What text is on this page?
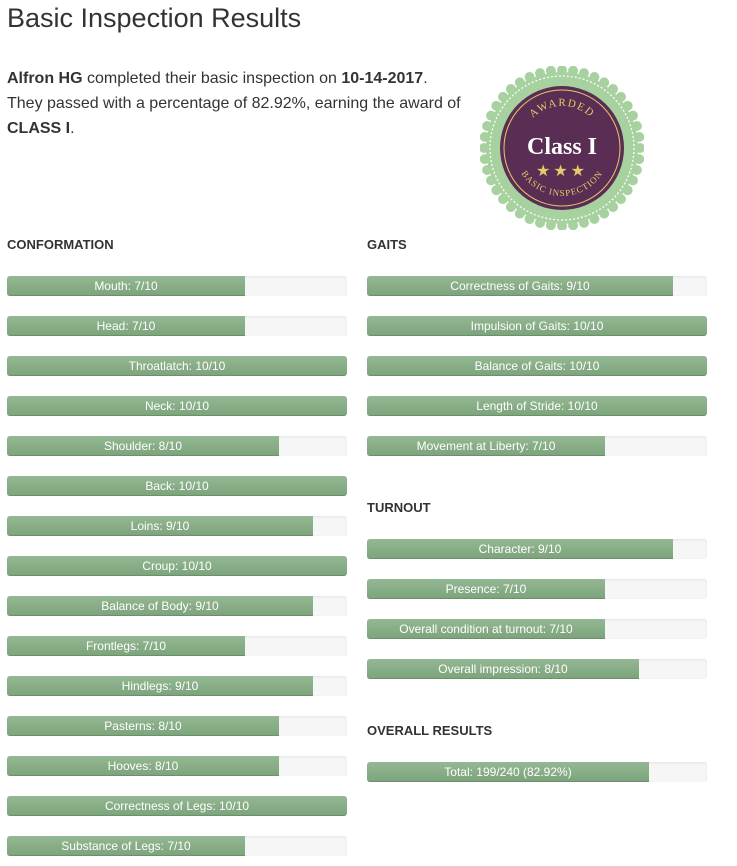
Basic Inspection Results
Alfron HG completed their basic inspection on 10-14-2017.
They passed with a percentage of 82.92%, earning the award of CLASS I.
AWARDED
Class I
★★★
BASIC INSPECTION
CONFORMATION
Mouth: 7/10
Head: 7/10
Throatlatch: 10/10
Neck: 10/10
Shoulder: 8/10
Back: 10/10
Loins: 9/10
Croup: 10/10
Balance of Body: 9/10
Frontlegs: 7/10
Hindlegs: 9/10
Pasterns: 8/10
Hooves: 8/10
Correctness of Legs: 10/10
Substance of Legs: 7/10
GAITS
Correctness of Gaits: 9/10
Impulsion of Gaits: 10/10
Balance of Gaits: 10/10
Length of Stride: 10/10
Movement at Liberty: 7/10
TURNOUT
Character: 9/10
Presence: 7/10
Overall condition at turnout: 7/10
Overall impression: 8/10
OVERALL RESULTS
Total: 199/240 (82.92%)
